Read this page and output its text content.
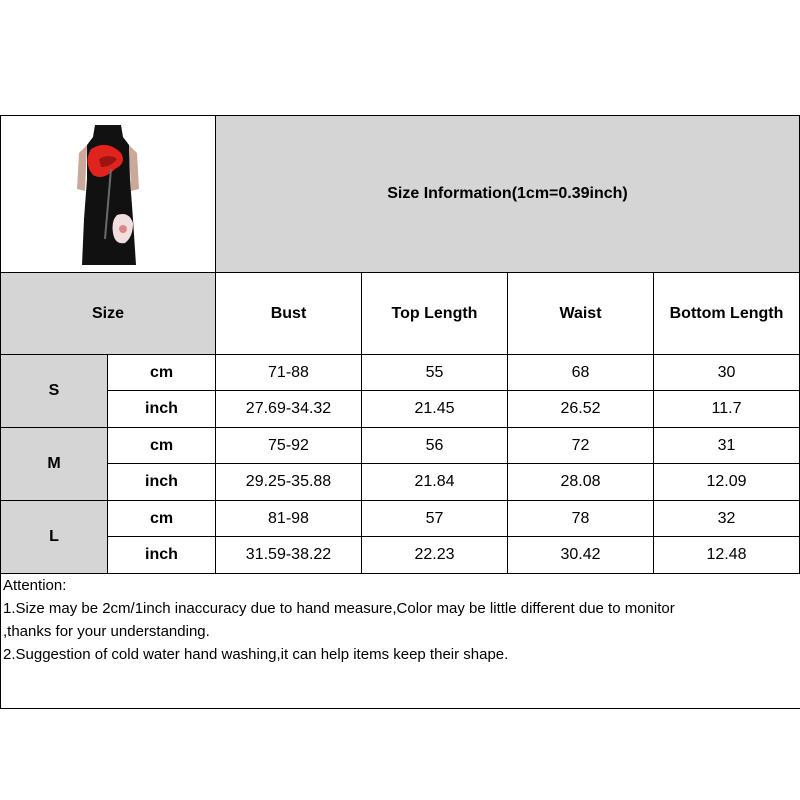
	Size Information(1cm=0.39inch)			
Size		Bust	Top Length	Waist	Bottom Length
S	cm	71-88	55	68	30
	inch	27.69-34.32	21.45	26.52	11.7
M	cm	75-92	56	72	31
	inch	29.25-35.88	21.84	28.08	12.09
L	cm	81-98	57	78	32
	inch	31.59-38.22	22.23	30.42	12.48
Attention:
1.Size may be 2cm/1inch inaccuracy due to hand measure,Color may be little different due to monitor
,thanks for your understanding.
2.Suggestion of cold water hand washing,it can help items keep their shape.
